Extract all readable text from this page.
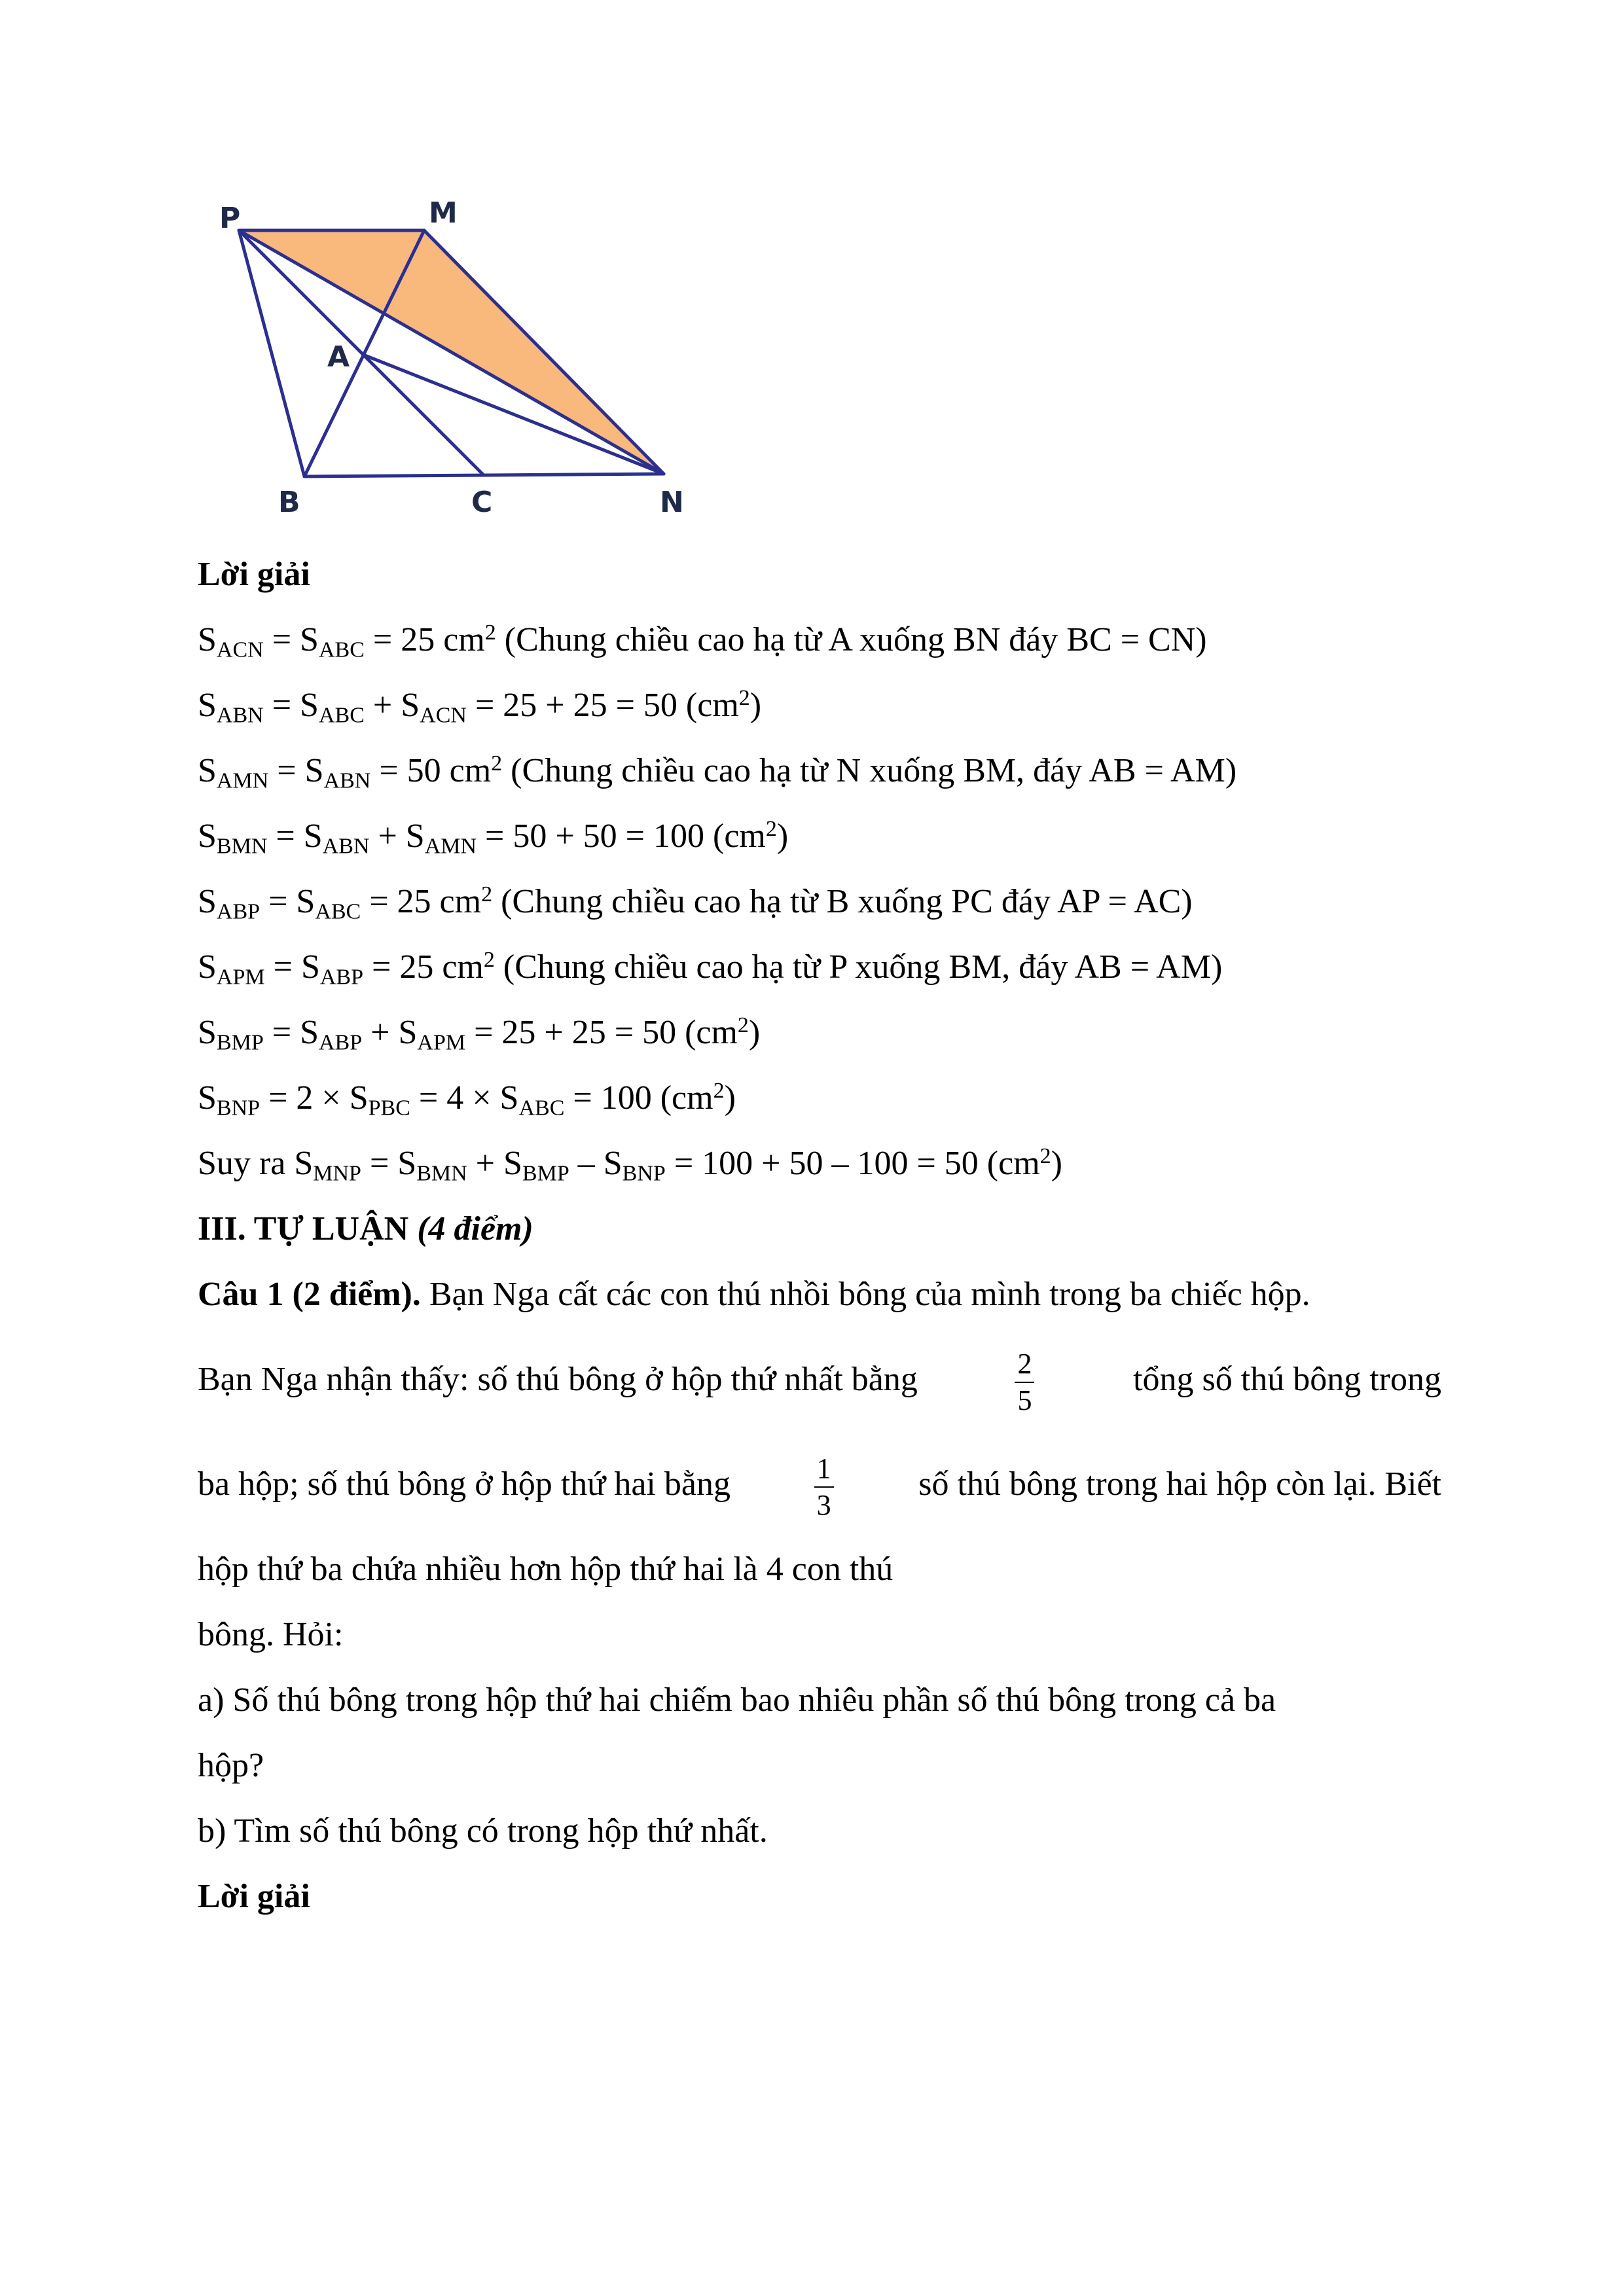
P	M
A
B	C	N
Lời giải
$S_{ACN} = S_{ABC} = 25$ $cm^2$ (Chung chiều cao hạ từ A xuống BN đáy BC = CN)
$S_{ABN} = S_{ABC} + S_{ACN} = 25 + 25 = 50$ $(cm^2)$
$S_{AMN} = S_{ABN} = 50$ $cm^2$ (Chung chiều cao hạ từ N xuống BM, đáy AB = AM)
$S_{BMN} = S_{ABN} + S_{AMN} = 50 + 50 = 100$ $(cm^2)$
$S_{ABP} = S_{ABC} = 25$ $cm^2$ (Chung chiều cao hạ từ B xuống PC đáy AP = AC)
$S_{APM} = S_{ABP} = 25$ $cm^2$ (Chung chiều cao hạ từ P xuống BM, đáy AB = AM)
$S_{BMP} = S_{ABP} + S_{APM} = 25 + 25 = 50$ $(cm^2)$
$S_{BNP} = 2 \times S_{PBC} = 4 \times S_{ABC} = 100$ $(cm^2)$
Suy ra $S_{MNP} = S_{BMN} + S_{BMP} - S_{BNP} = 100 + 50 - 100 = 50$ $(cm^2)$
III. TỰ LUẬN (4 điểm)
Câu 1 (2 điểm). Bạn Nga cất các con thú nhồi bông của mình trong ba chiếc hộp.
Bạn Nga nhận thấy: số thú bông ở hộp thứ nhất bằng	$\frac{2}{5}$	tổng số thú bông trong
ba hộp; số thú bông ở hộp thứ hai bằng	$\frac{1}{3}$ số thú bông trong hai hộp còn lại. Biết
hộp thứ ba chứa nhiều hơn hộp thứ hai là 4 con thú
bông. Hỏi:
a) Số thú bông trong hộp thứ hai chiếm bao nhiêu phần số thú bông trong cả ba
hộp?
b) Tìm số thú bông có trong hộp thứ nhất.
Lời giải
